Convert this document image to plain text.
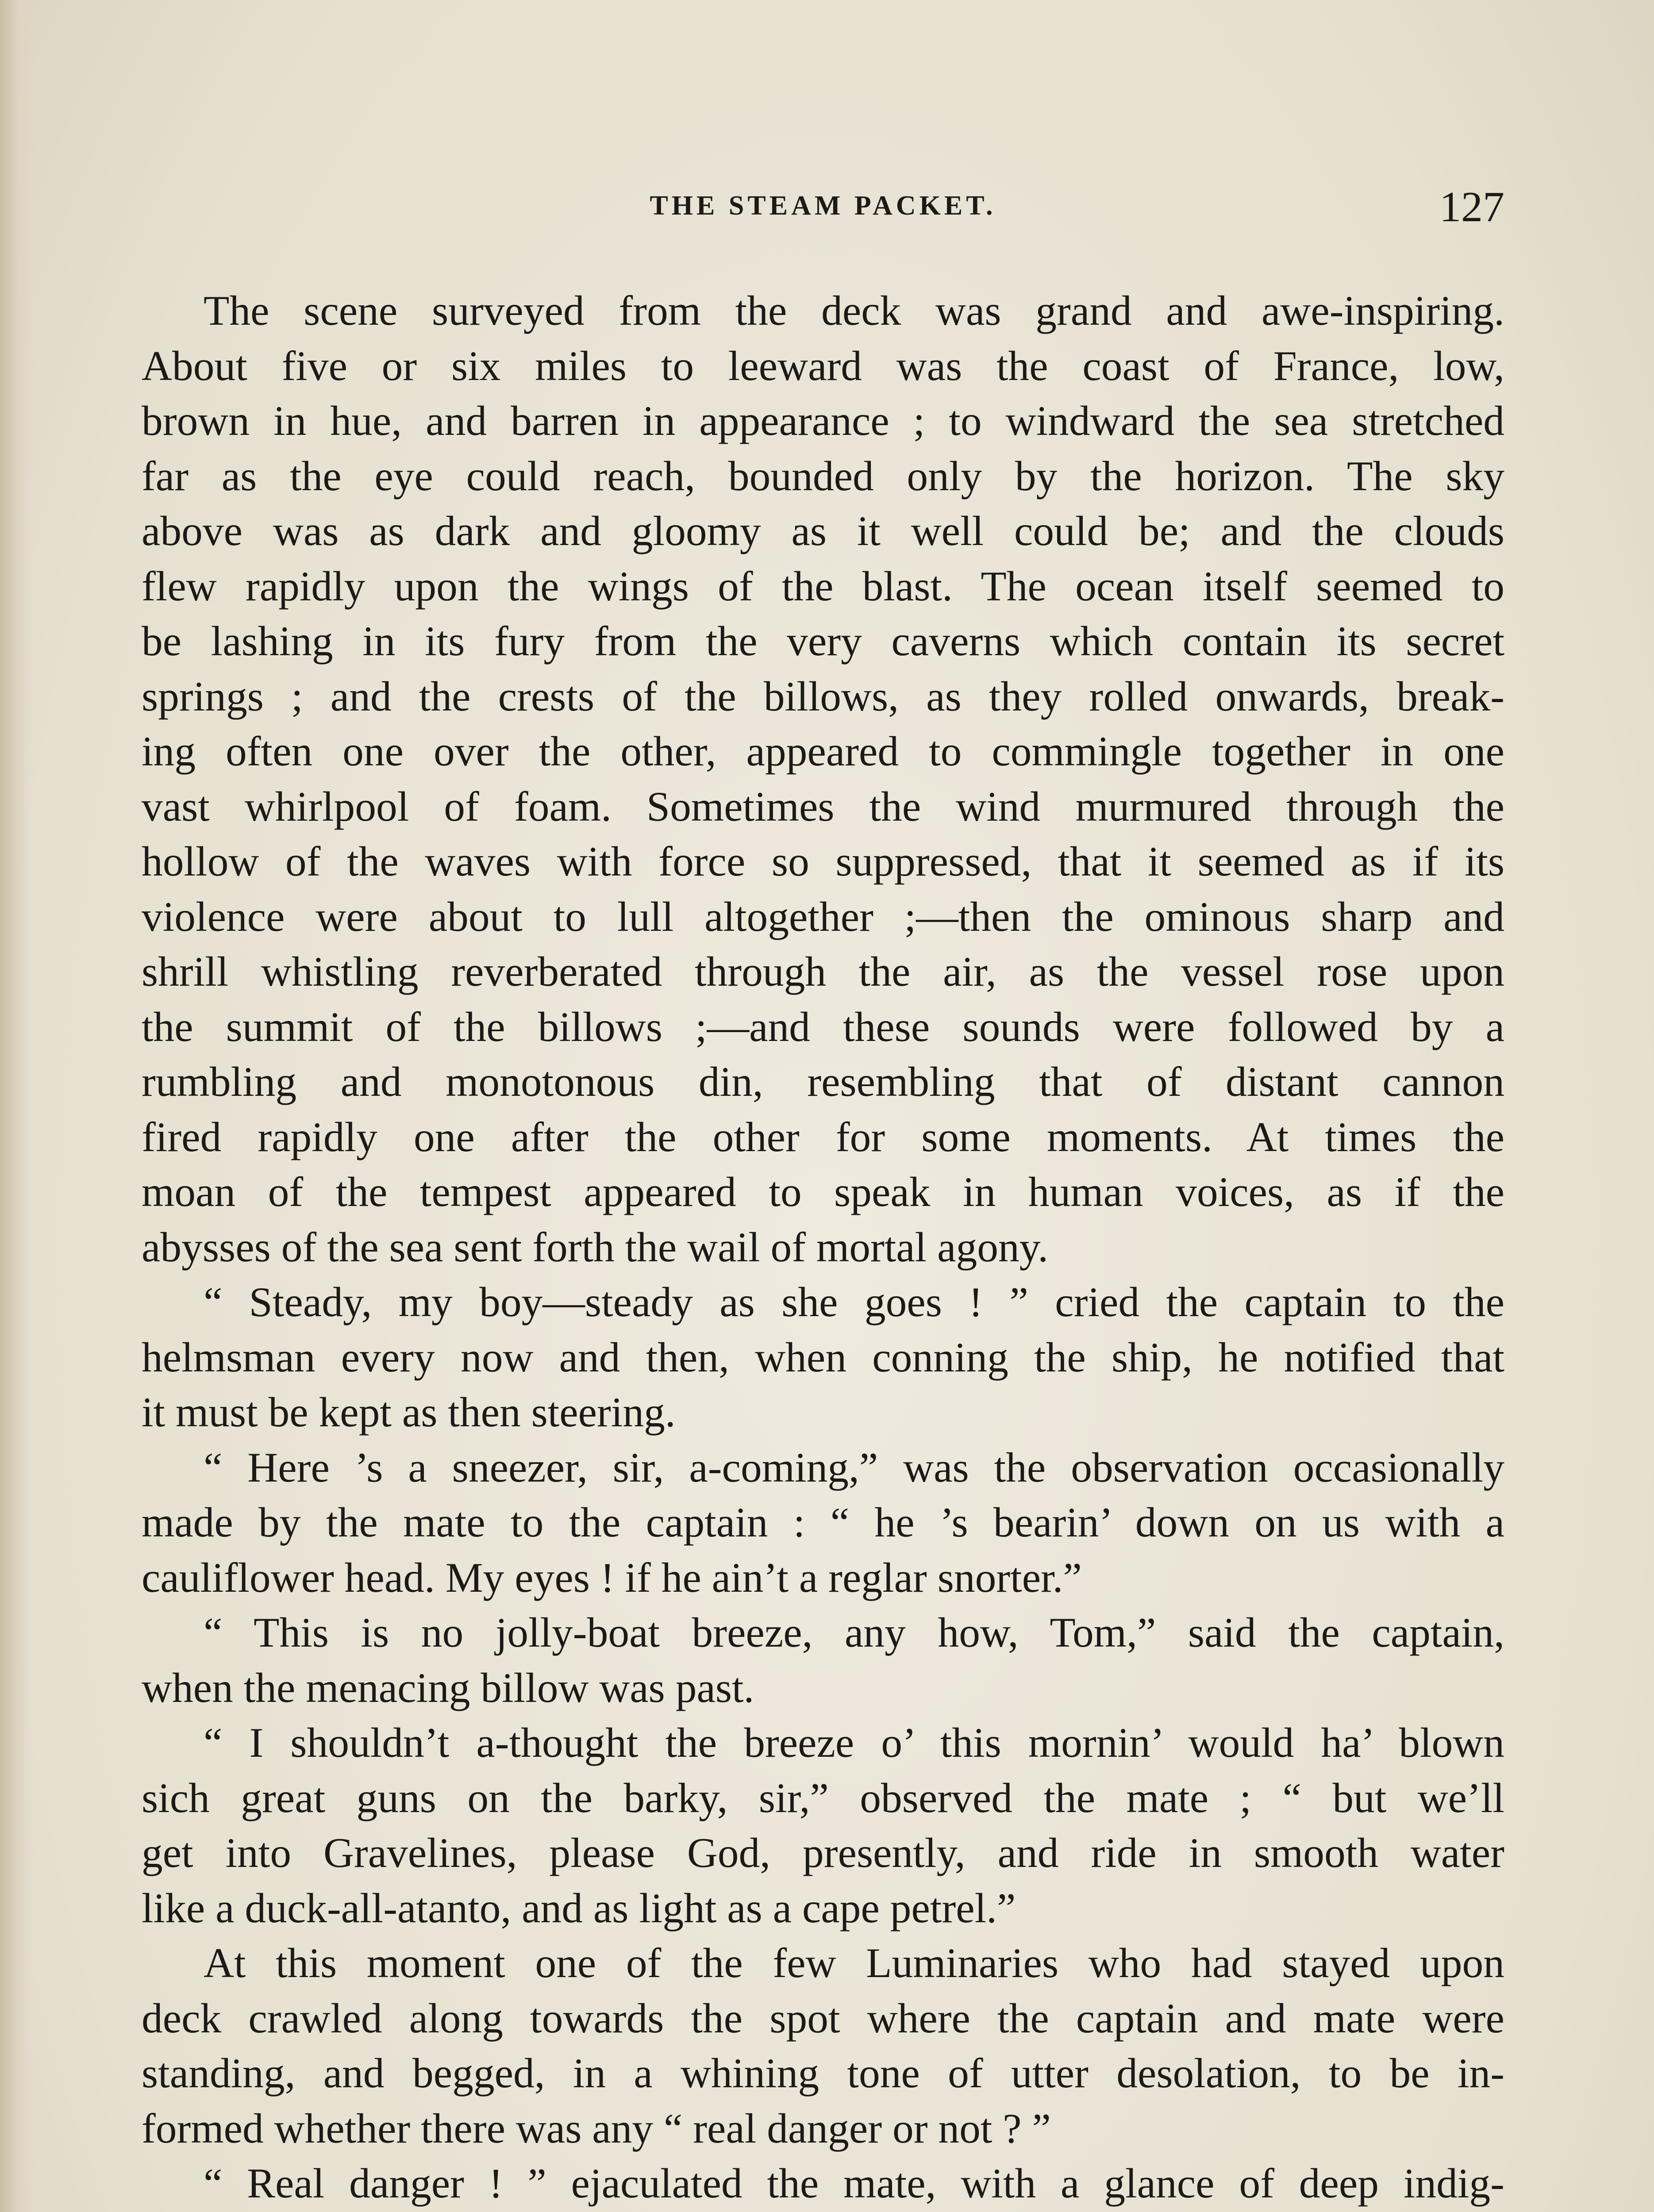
THE STEAM PACKET.	127
The scene surveyed from the deck was grand and awe-inspiring.
About five or six miles to leeward was the coast of France, low,
brown in hue, and barren in appearance ; to windward the sea stretched
far as the eye could reach, bounded only by the horizon. The sky
above was as dark and gloomy as it well could be; and the clouds
flew rapidly upon the wings of the blast. The ocean itself seemed to
be lashing in its fury from the very caverns which contain its secret
springs ; and the crests of the billows, as they rolled onwards, break-
ing often one over the other, appeared to commingle together in one
vast whirlpool of foam. Sometimes the wind murmured through the
hollow of the waves with force so suppressed, that it seemed as if its
violence were about to lull altogether ;—then the ominous sharp and
shrill whistling reverberated through the air, as the vessel rose upon
the summit of the billows ;—and these sounds were followed by a
rumbling and monotonous din, resembling that of distant cannon
fired rapidly one after the other for some moments. At times the
moan of the tempest appeared to speak in human voices, as if the
abysses of the sea sent forth the wail of mortal agony.
“ Steady, my boy—steady as she goes ! ” cried the captain to the
helmsman every now and then, when conning the ship, he notified that
it must be kept as then steering.
“ Here ’s a sneezer, sir, a-coming,” was the observation occasionally
made by the mate to the captain : “ he ’s bearin’ down on us with a
cauliflower head. My eyes ! if he ain’t a reglar snorter.”
“ This is no jolly-boat breeze, any how, Tom,” said the captain,
when the menacing billow was past.
“ I shouldn’t a-thought the breeze o’ this mornin’ would ha’ blown
sich great guns on the barky, sir,” observed the mate ; “ but we’ll
get into Gravelines, please God, presently, and ride in smooth water
like a duck-all-atanto, and as light as a cape petrel.”
At this moment one of the few Luminaries who had stayed upon
deck crawled along towards the spot where the captain and mate were
standing, and begged, in a whining tone of utter desolation, to be in-
formed whether there was any “ real danger or not ? ”
“ Real danger ! ” ejaculated the mate, with a glance of deep indig-
